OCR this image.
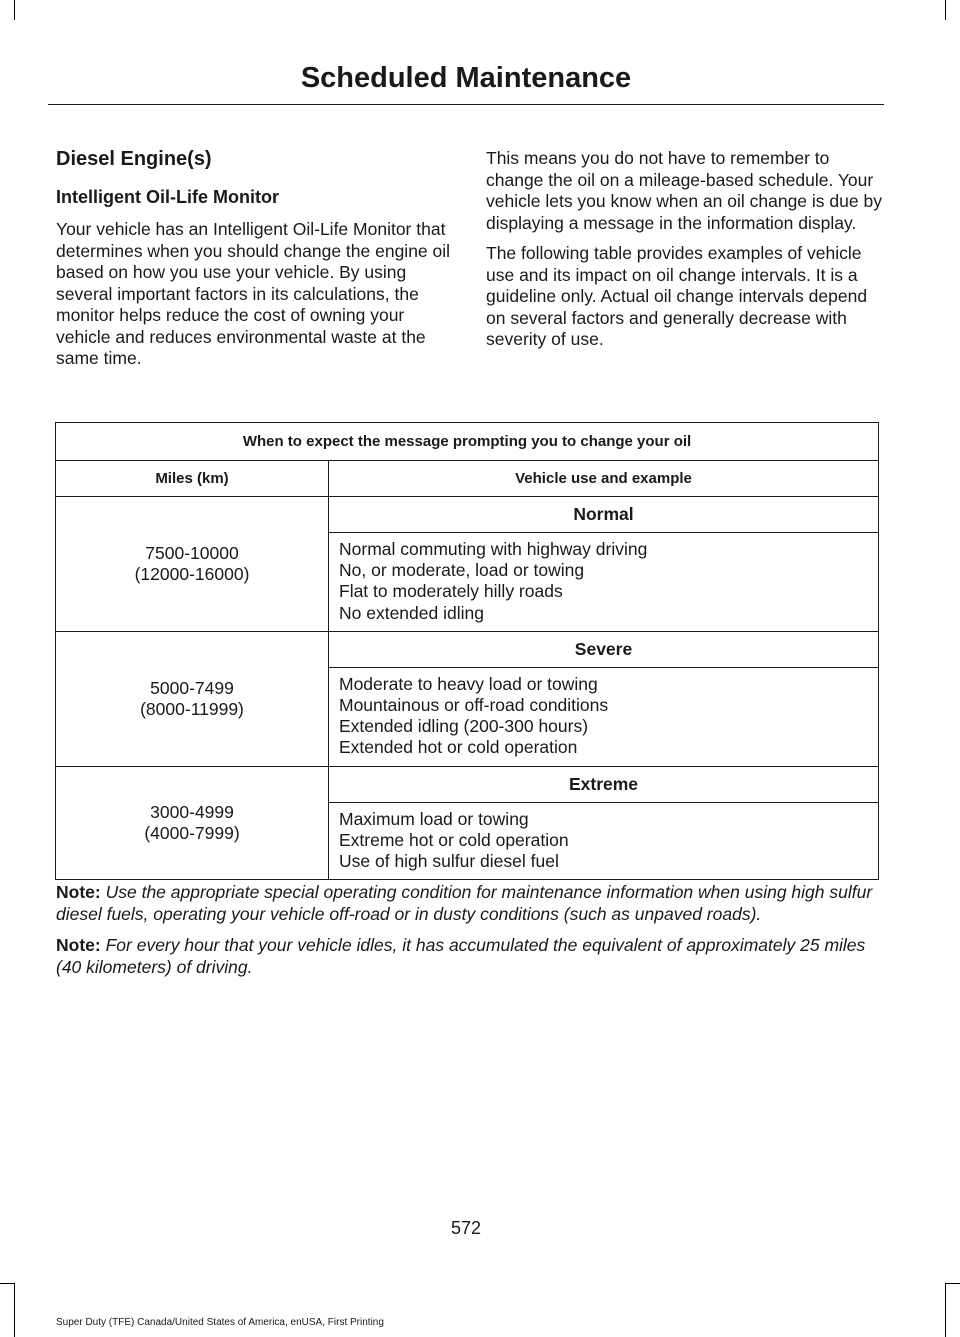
Scheduled Maintenance
Diesel Engine(s)
Intelligent Oil-Life Monitor

Your vehicle has an Intelligent Oil-Life Monitor that determines when you should change the engine oil based on how you use your vehicle. By using several important factors in its calculations, the monitor helps reduce the cost of owning your vehicle and reduces environmental waste at the same time.

This means you do not have to remember to change the oil on a mileage-based schedule. Your vehicle lets you know when an oil change is due by displaying a message in the information display.

The following table provides examples of vehicle use and its impact on oil change intervals. It is a guideline only. Actual oil change intervals depend on several factors and generally decrease with severity of use.

When to expect the message prompting you to change your oil	
Miles (km)	Vehicle use and example

7500-10000
(12000-16000)	Normal

	Normal commuting with highway driving
No, or moderate, load or towing
Flat to moderately hilly roads
No extended idling

5000-7499
(8000-11999)	Severe

	Moderate to heavy load or towing
Mountainous or off-road conditions
Extended idling (200-300 hours)
Extended hot or cold operation

3000-4999
(4000-7999)	Extreme

	Maximum load or towing
Extreme hot or cold operation
Use of high sulfur diesel fuel

Note: Use the appropriate special operating condition for maintenance information when using high sulfur diesel fuels, operating your vehicle off-road or in dusty conditions (such as unpaved roads).

Note: For every hour that your vehicle idles, it has accumulated the equivalent of approximately 25 miles (40 kilometers) of driving.

572
Super Duty (TFE) Canada/United States of America, enUSA, First Printing
